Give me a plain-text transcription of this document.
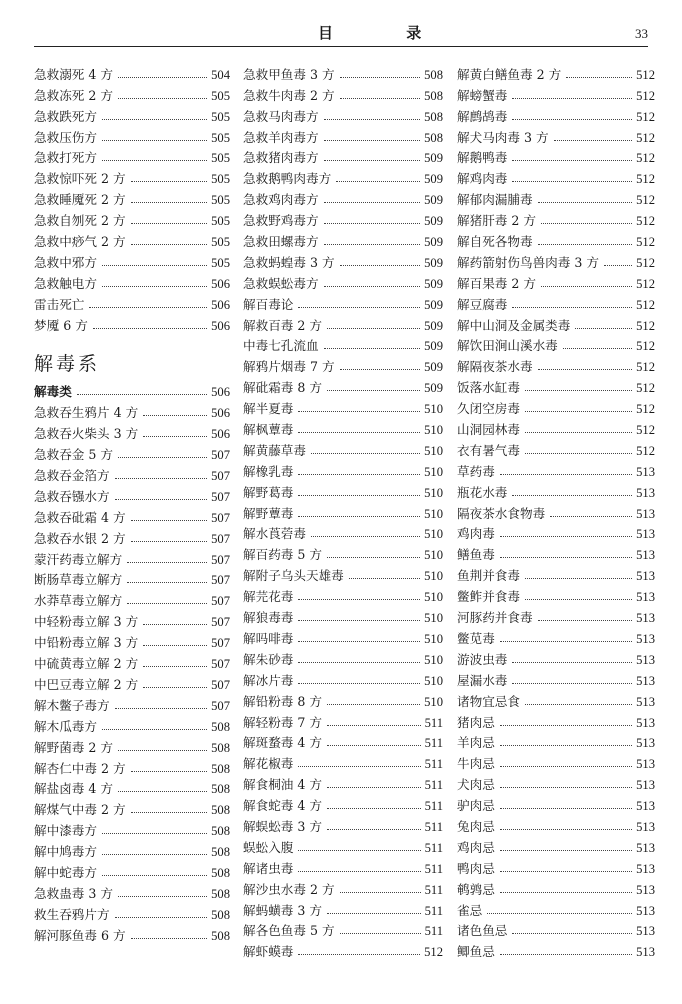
目 录	33
急救溺死 4 方	504
急救冻死 2 方	505
急救跌死方	505
急救压伤方	505
急救打死方	505
急救惊吓死 2 方	505
急救睡魇死 2 方	505
急救自刎死 2 方	505
急救中痧气 2 方	505
急救中邪方	505
急救触电方	506
雷击死亡	506
梦魇 6 方	506
解毒系
解毒类	506
急救吞生鸦片 4 方	506
急救吞火柴头 3 方	506
急救吞金 5 方	507
急救吞金箔方	507
急救吞镪水方	507
急救吞砒霜 4 方	507
急救吞水银 2 方	507
蒙汗药毒立解方	507
断肠草毒立解方	507
水莽草毒立解方	507
中轻粉毒立解 3 方	507
中铅粉毒立解 3 方	507
中硫黄毒立解 2 方	507
中巴豆毒立解 2 方	507
解木鳖子毒方	507
解木瓜毒方	508
解野菌毒 2 方	508
解杏仁中毒 2 方	508
解盐卤毒 4 方	508
解煤气中毒 2 方	508
解中漆毒方	508
解中鸠毒方	508
解中蛇毒方	508
急救蛊毒 3 方	508
救生吞鸦片方	508
解河豚鱼毒 6 方	508
急救甲鱼毒 3 方	508
急救牛肉毒 2 方	508
急救马肉毒方	508
急救羊肉毒方	508
急救猪肉毒方	509
急救鹅鸭肉毒方	509
急救鸡肉毒方	509
急救野鸡毒方	509
急救田螺毒方	509
急救蚂蝗毒 3 方	509
急救蜈蚣毒方	509
解百毒论	509
解救百毒 2 方	509
中毒七孔流血	509
解鸦片烟毒 7 方	509
解砒霜毒 8 方	509
解半夏毒	510
解枫蕈毒	510
解黄藤草毒	510
解橡乳毒	510
解野葛毒	510
解野蕈毒	510
解水莨菪毒	510
解百药毒 5 方	510
解附子乌头天雄毒	510
解芫花毒	510
解狼毒毒	510
解吗啡毒	510
解朱砂毒	510
解冰片毒	510
解铅粉毒 8 方	510
解轻粉毒 7 方	511
解斑蝥毒 4 方	511
解花椒毒	511
解食桐油 4 方	511
解食蛇毒 4 方	511
解蜈蚣毒 3 方	511
蜈蚣入腹	511
解诸虫毒	511
解沙虫水毒 2 方	511
解蚂蟥毒 3 方	511
解各色鱼毒 5 方	511
解虾蟆毒	512
解黄白鳝鱼毒 2 方	512
解螃蟹毒	512
解鹧鸪毒	512
解犬马肉毒 3 方	512
解鹅鸭毒	512
解鸡肉毒	512
解郁肉漏脯毒	512
解猪肝毒 2 方	512
解自死各物毒	512
解药箭射伤鸟兽肉毒 3 方	512
解百果毒 2 方	512
解豆腐毒	512
解中山洞及金属类毒	512
解饮田涧山溪水毒	512
解隔夜茶水毒	512
饭落水缸毒	512
久闭空房毒	512
山洞园林毒	512
衣有暑气毒	512
草药毒	513
瓶花水毒	513
隔夜茶水食物毒	513
鸡肉毒	513
鳝鱼毒	513
鱼荆并食毒	513
鳖鲊并食毒	513
河豚药并食毒	513
鳖苋毒	513
游波虫毒	513
屋漏水毒	513
诸物宜忌食	513
猪肉忌	513
羊肉忌	513
牛肉忌	513
犬肉忌	513
驴肉忌	513
兔肉忌	513
鸡肉忌	513
鸭肉忌	513
鹌鹑忌	513
雀忌	513
诸色鱼忌	513
鲫鱼忌	513
